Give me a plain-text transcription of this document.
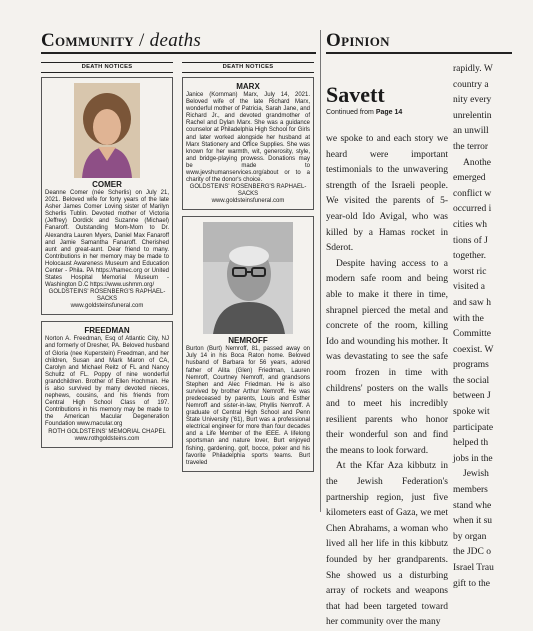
Community / deaths	Opinion
DEATH NOTICES
COMER

Deanne Comer (née Scherlis) on July 21, 2021. Beloved wife for forty years of the late Asher James Comer Loving sister of Marilyn Scherlis Tublin. Devoted mother of Victoria (Jeffrey) Dordick and Suzanne (Michael) Fanaroff. Outstanding Mom-Mom to Dr. Alexandra Lauren Myers, Daniel Max Fanaroff and Jamie Samantha Fanaroff. Cherished aunt and great-aunt. Dear friend to many. Contributions in her memory may be made to Holocaust Awareness Museum and Education Center - Phila. PA https://hamec.org or United States Hospital Memorial Museum - Washington D.C https://www.ushmm.org/

GOLDSTEINS' ROSENBERG'S RAPHAEL-SACKS

www.goldsteinsfuneral.com

FREEDMAN

Norton A. Freedman, Esq of Atlantic City, NJ and formerly of Dresher, PA. Beloved husband of Gloria (nee Kuperstein) Freedman, and her children, Susan and Mark Maron of CA, Carolyn and Michael Reitz of FL and Nancy Schultz of FL. Poppy of nine wonderful grandchildren. Brother of Ellen Hochman. He is also survived by many devoted nieces, nephews, cousins, and his friends from Central High School Class of 197. Contributions in his memory may be made to the American Macular Degeneration Foundation www.macular.org

ROTH GOLDSTEINS' MEMORIAL CHAPEL

www.rothgoldsteins.com

DEATH NOTICES
MARX

Janice (Kornman) Marx, July 14, 2021. Beloved wife of the late Richard Marx, wonderful mother of Patricia, Sarah Jane, and Richard Jr., and devoted grandmother of Rachel and Dylan Marx. She was a guidance counselor at Philadelphia High School for Girls and later worked alongside her husband at Marx Stationery and Office Supplies. She was known for her warmth, wit, generosity, style, and bridge-playing prowess. Donations may be made to www.jevshumanservices.org/about or to a charity of the donor's choice.

GOLDSTEINS' ROSENBERG'S RAPHAEL-SACKS

www.goldsteinsfuneral.com

NEMROFF

Burton (Burt) Nemroff, 81, passed away on July 14 in his Boca Raton home. Beloved husband of Barbara for 56 years, adored father of Alita (Glen) Friedman, Lauren Nemroff, Courtney Nemroff, and grandsons Stephen and Alec Friedman. He is also survived by brother Arthur Nemroff. He was predeceased by parents, Louis and Esther Nemroff and sister-in-law, Phyllis Nemroff. A graduate of Central High School and Penn State University ('61), Burt was a professional electrical engineer for more than four decades and a Life Member of the IEEE. A lifelong sportsman and nature lover, Burt enjoyed fishing, gardening, golf, bocce, poker and his favorite Philadelphia sports teams. Burt traveled

Savett
Continued from Page 14

we spoke to and each story we heard were important testimonials to the unwavering strength of the Israeli people. We visited the parents of 5-year-old Ido Avigal, who was killed by a Hamas rocket in Sderot.

Despite having access to a modern safe room and being able to make it there in time, shrapnel pierced the metal and concrete of the room, killing Ido and wounding his mother. It was devastating to see the safe room frozen in time with childrens' posters on the walls and to meet his incredibly resilient parents who honor their wonderful son and find the means to look forward.

At the Kfar Aza kibbutz in the Jewish Federation's partnership region, just five kilometers east of Gaza, we met Chen Abrahams, a woman who lived all her life in this kibbutz founded by her grandparents. She showed us a disturbing array of rockets and weapons that had been targeted toward her community over the many

rapidly. W
country a
nity every
unrelentin
an unwill
the terror
Anothe
emerged
conflict w
occurred i
cities wh
tions of J
together.
worst ric
visited a
and saw h
with the
Committe
coexist. W
programs
the social
between J
spoke wit
participate
helped th
jobs in the
Jewish
members
stand whe
when it su
by organ
the JDC o
Israel Trau
gift to the
